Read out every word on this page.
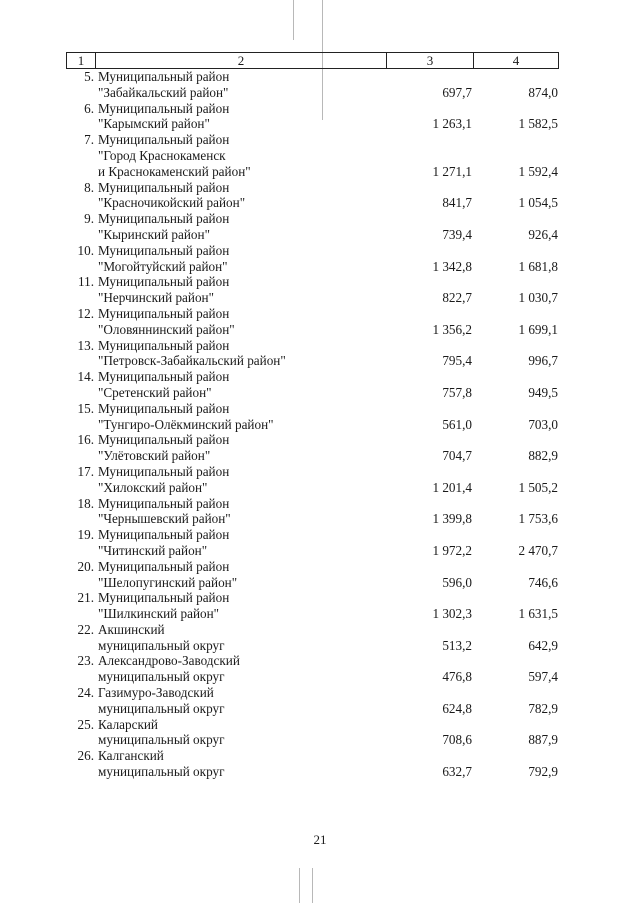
1	2	3	4
5. Муниципальный район
"Забайкальский район"	697,7	874,0
6. Муниципальный район
"Карымский район"	1 263,1	1 582,5
7. Муниципальный район
"Город Краснокаменск
и Краснокаменский район"	1 271,1	1 592,4
8. Муниципальный район
"Красночикойский район"	841,7	1 054,5
9. Муниципальный район
"Кыринский район"	739,4	926,4
10. Муниципальный район
"Могойтуйский район"	1 342,8	1 681,8
11. Муниципальный район
"Нерчинский район"	822,7	1 030,7
12. Муниципальный район
"Оловяннинский район"	1 356,2	1 699,1
13. Муниципальный район
"Петровск-Забайкальский район"	795,4	996,7
14. Муниципальный район
"Сретенский район"	757,8	949,5
15. Муниципальный район
"Тунгиро-Олёкминский район"	561,0	703,0
16. Муниципальный район
"Улётовский район"	704,7	882,9
17. Муниципальный район
"Хилокский район"	1 201,4	1 505,2
18. Муниципальный район
"Чернышевский район"	1 399,8	1 753,6
19. Муниципальный район
"Читинский район"	1 972,2	2 470,7
20. Муниципальный район
"Шелопугинский район"	596,0	746,6
21. Муниципальный район
"Шилкинский район"	1 302,3	1 631,5
22. Акшинский
муниципальный округ	513,2	642,9
23. Александрово-Заводский
муниципальный округ	476,8	597,4
24. Газимуро-Заводский
муниципальный округ	624,8	782,9
25. Каларский
муниципальный округ	708,6	887,9
26. Калганский
муниципальный округ	632,7	792,9
21
